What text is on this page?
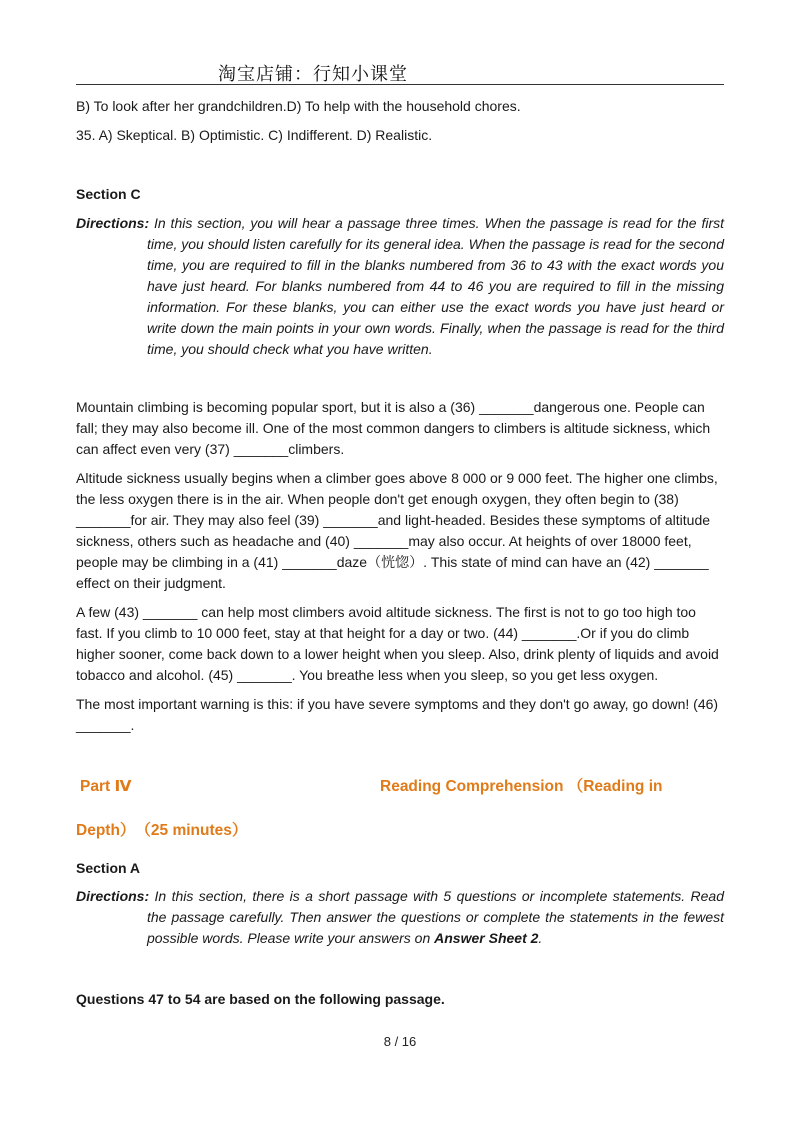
淘宝店铺：行知小课堂

B) To look after her grandchildren.D) To help with the household chores.

35. A) Skeptical. B) Optimistic. C) Indifferent. D) Realistic.

Section C

Directions: In this section, you will hear a passage three times. When the passage is read for the first time, you should listen carefully for its general idea. When the passage is read for the second time, you are required to fill in the blanks numbered from 36 to 43 with the exact words you have just heard. For blanks numbered from 44 to 46 you are required to fill in the missing information. For these blanks, you can either use the exact words you have just heard or write down the main points in your own words. Finally, when the passage is read for the third time, you should check what you have written.

Mountain climbing is becoming popular sport, but it is also a (36) _______dangerous one. People can fall; they may also become ill. One of the most common dangers to climbers is altitude sickness, which can affect even very (37) _______climbers.

Altitude sickness usually begins when a climber goes above 8 000 or 9 000 feet. The higher one climbs, the less oxygen there is in the air. When people don't get enough oxygen, they often begin to (38) _______for air. They may also feel (39) _______and light-headed. Besides these symptoms of altitude sickness, others such as headache and (40) _______may also occur. At heights of over 18000 feet, people may be climbing in a (41) _______daze（恍惚）. This state of mind can have an (42) _______ effect on their judgment.

A few (43) _______ can help most climbers avoid altitude sickness. The first is not to go too high too fast. If you climb to 10 000 feet, stay at that height for a day or two. (44) _______.Or if you do climb higher sooner, come back down to a lower height when you sleep. Also, drink plenty of liquids and avoid tobacco and alcohol. (45) _______. You breathe less when you sleep, so you get less oxygen.

The most important warning is this: if you have severe symptoms and they don't go away, go down! (46) _______.

Part Ⅳ	Reading Comprehension （Reading in

Depth）　（25 minutes）

Section A

Directions: In this section, there is a short passage with 5 questions or incomplete statements. Read the passage carefully. Then answer the questions or complete the statements in the fewest possible words. Please write your answers on Answer Sheet 2.

Questions 47 to 54 are based on the following passage.

8 / 16
